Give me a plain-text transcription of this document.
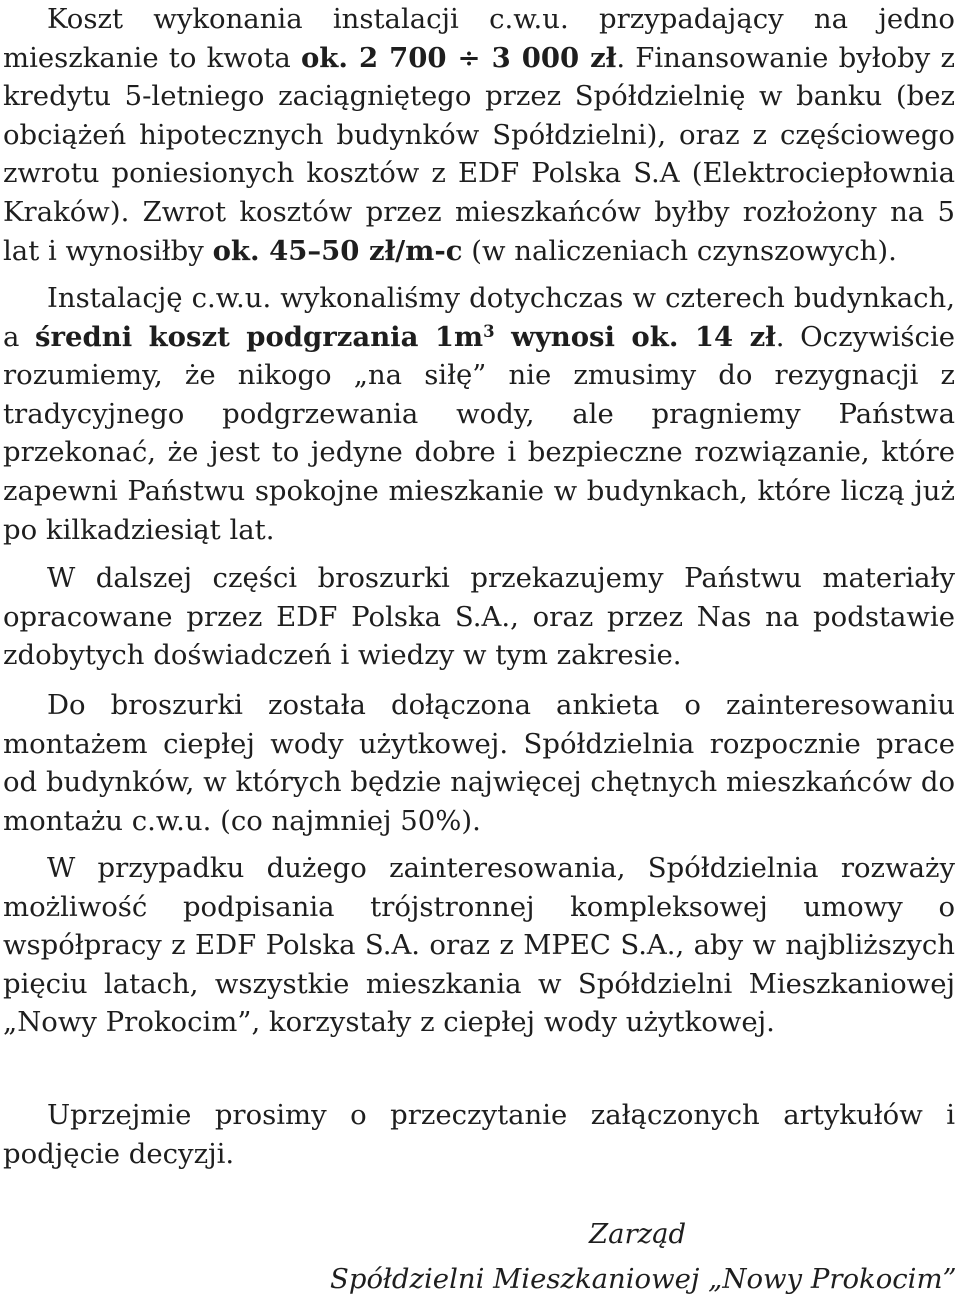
Koszt wykonania instalacji c.w.u. przypadający na jedno mieszkanie to kwota ok. 2 700 ÷ 3 000 zł. Finansowanie byłoby z kredytu 5-letniego zaciągniętego przez Spółdzielnię w banku (bez obciążeń hipotecznych budynków Spółdzielni), oraz z częściowego zwrotu poniesionych kosztów z EDF Polska S.A (Elektrociepłownia Kraków). Zwrot kosztów przez mieszkańców byłby rozłożony na 5 lat i wynosiłby ok. 45–50 zł/m-c (w naliczeniach czynszowych).

Instalację c.w.u. wykonaliśmy dotychczas w czterech budynkach, a średni koszt podgrzania $1m^3$ wynosi ok. 14 zł. Oczywiście rozumiemy, że nikogo „na siłę” nie zmusimy do rezygnacji z tradycyjnego podgrzewania wody, ale pragniemy Państwa przekonać, że jest to jedyne dobre i bezpieczne rozwiązanie, które zapewni Państwu spokojne mieszkanie w budynkach, które liczą już po kilkadziesiąt lat.

W dalszej części broszurki przekazujemy Państwu materiały opracowane przez EDF Polska S.A., oraz przez Nas na podstawie zdobytych doświadczeń i wiedzy w tym zakresie.

Do broszurki została dołączona ankieta o zainteresowaniu montażem ciepłej wody użytkowej. Spółdzielnia rozpocznie prace od budynków, w których będzie najwięcej chętnych mieszkańców do montażu c.w.u. (co najmniej 50%).

W przypadku dużego zainteresowania, Spółdzielnia rozważy możliwość podpisania trójstronnej kompleksowej umowy o współpracy z EDF Polska S.A. oraz z MPEC S.A., aby w najbliższych pięciu latach, wszystkie mieszkania w Spółdzielni Mieszkaniowej „Nowy Prokocim”, korzystały z ciepłej wody użytkowej.

Uprzejmie prosimy o przeczytanie załączonych artykułów i podjęcie decyzji.

Zarząd
Spółdzielni Mieszkaniowej „Nowy Prokocim”
